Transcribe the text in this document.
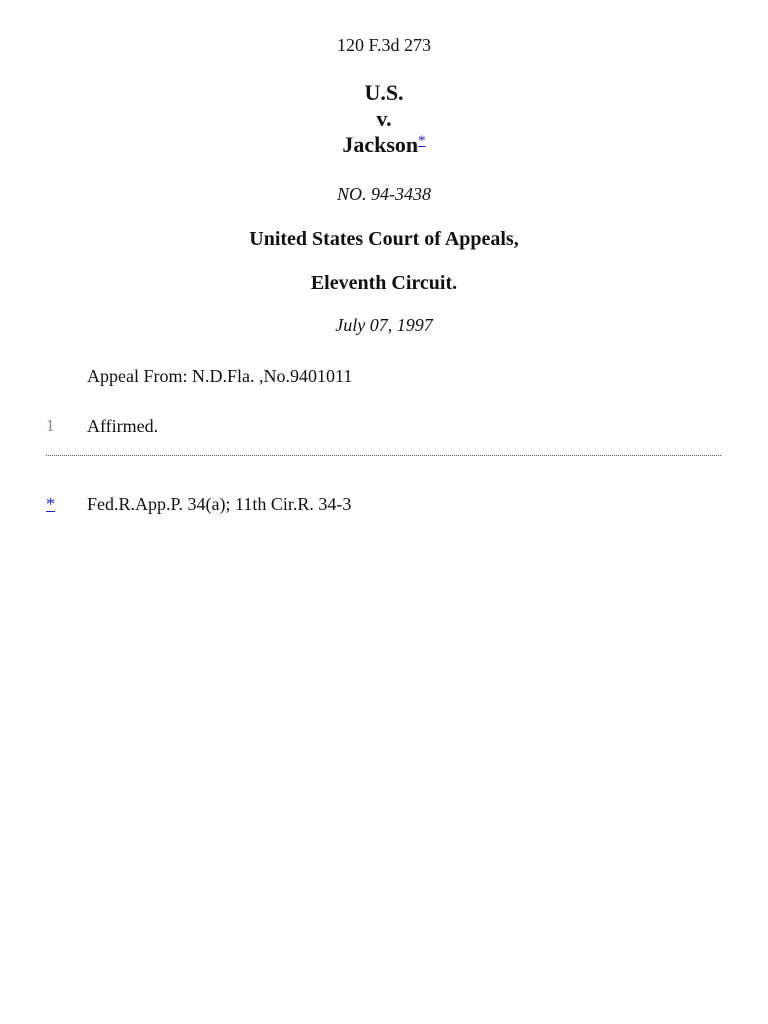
120 F.3d 273
U.S.
v.
Jackson*
NO. 94-3438
United States Court of Appeals,
Eleventh Circuit.
July 07, 1997
Appeal From: N.D.Fla. ,No.9401011
1 Affirmed.
* Fed.R.App.P. 34(a); 11th Cir.R. 34-3
